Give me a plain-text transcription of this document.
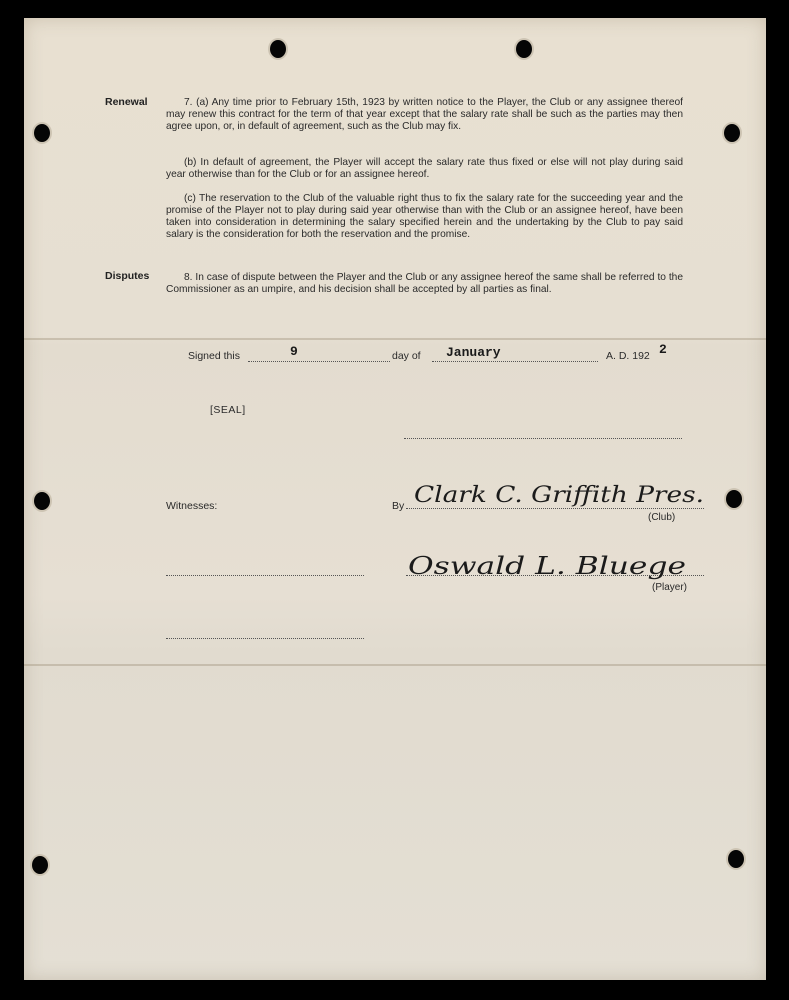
Renewal	7. (a) Any time prior to February 15th, 1923 by written notice to the Player, the Club or any assignee thereof may renew this contract for the term of that year except that the salary rate shall be such as the parties may then agree upon, or, in default of agreement, such as the Club may fix.

(b) In default of agreement, the Player will accept the salary rate thus fixed or else will not play during said year otherwise than for the Club or for an assignee hereof.

(c) The reservation to the Club of the valuable right thus to fix the salary rate for the succeeding year and the promise of the Player not to play during said year otherwise than with the Club or an assignee hereof, have been taken into consideration in determining the salary specified herein and the undertaking by the Club to pay said salary is the consideration for both the reservation and the promise.

Disputes	8. In case of dispute between the Player and the Club or any assignee hereof the same shall be referred to the Commissioner as an umpire, and his decision shall be accepted by all parties as final.

Signed this	9	day of January	A. D. 192 2
[SEAL]
Witnesses:	By Clark C. Griffith Pres.
(Club)
Oswald L. Bluege
(Player)
